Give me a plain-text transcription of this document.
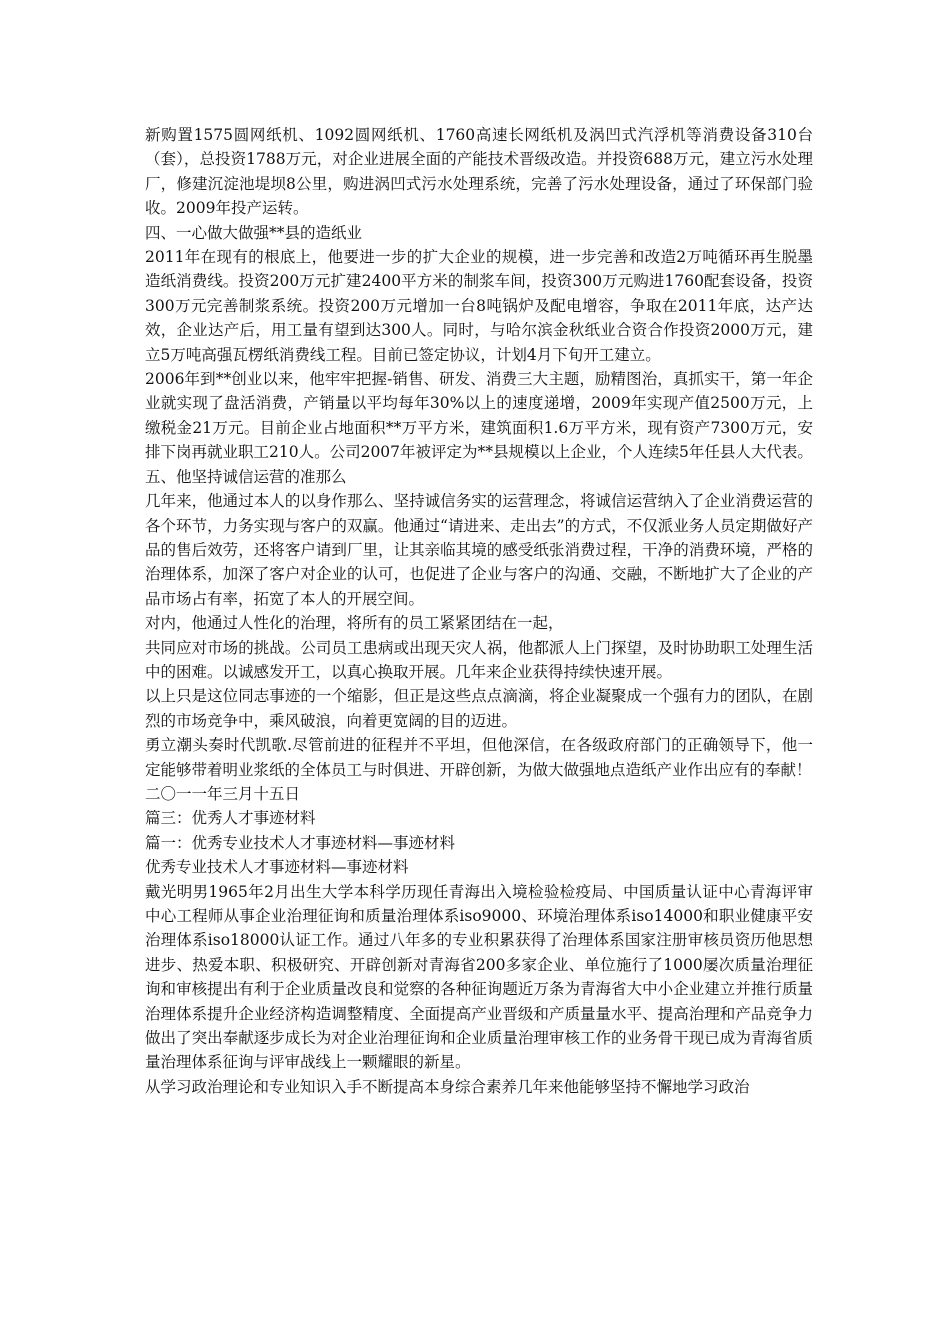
新购置1575圆网纸机、1092圆网纸机、1760高速长网纸机及涡凹式汽浮机等消费设备310台（套），总投资1788万元，对企业进展全面的产能技术晋级改造。并投资688万元，建立污水处理厂，修建沉淀池堤坝8公里，购进涡凹式污水处理系统，完善了污水处理设备，通过了环保部门验收。2009年投产运转。

四、一心做大做强**县的造纸业

2011年在现有的根底上，他要进一步的扩大企业的规模，进一步完善和改造2万吨循环再生脱墨造纸消费线。投资200万元扩建2400平方米的制浆车间，投资300万元购进1760配套设备，投资300万元完善制浆系统。投资200万元增加一台8吨锅炉及配电增容，争取在2011年底，达产达效，企业达产后，用工量有望到达300人。同时，与哈尔滨金秋纸业合资合作投资2000万元，建立5万吨高强瓦楞纸消费线工程。目前已签定协议，计划4月下旬开工建立。

2006年到**创业以来，他牢牢把握-销售、研发、消费三大主题，励精图治，真抓实干，第一年企业就实现了盘活消费，产销量以平均每年30%以上的速度递增，2009年实现产值2500万元，上缴税金21万元。目前企业占地面积**万平方米，建筑面积1.6万平方米，现有资产7300万元，安排下岗再就业职工210人。公司2007年被评定为**县规模以上企业，个人连续5年任县人大代表。

五、他坚持诚信运营的准那么

几年来，他通过本人的以身作那么、坚持诚信务实的运营理念，将诚信运营纳入了企业消费运营的各个环节，力务实现与客户的双赢。他通过“请进来、走出去”的方式，不仅派业务人员定期做好产品的售后效劳，还将客户请到厂里，让其亲临其境的感受纸张消费过程，干净的消费环境，严格的治理体系，加深了客户对企业的认可，也促进了企业与客户的沟通、交融，不断地扩大了企业的产品市场占有率，拓宽了本人的开展空间。

对内，他通过人性化的治理，将所有的员工紧紧团结在一起，

共同应对市场的挑战。公司员工患病或出现天灾人祸，他都派人上门探望，及时协助职工处理生活中的困难。以诚感发开工，以真心换取开展。几年来企业获得持续快速开展。

以上只是这位同志事迹的一个缩影，但正是这些点点滴滴，将企业凝聚成一个强有力的团队，在剧烈的市场竞争中，乘风破浪，向着更宽阔的目的迈进。

勇立潮头奏时代凯歌.尽管前进的征程并不平坦，但他深信，在各级政府部门的正确领导下，他一定能够带着明业浆纸的全体员工与时俱进、开辟创新，为做大做强地点造纸产业作出应有的奉献！

二〇一一年三月十五日

篇三：优秀人才事迹材料

篇一：优秀专业技术人才事迹材料—事迹材料

优秀专业技术人才事迹材料—事迹材料

戴光明男1965年2月出生大学本科学历现任青海出入境检验检疫局、中国质量认证中心青海评审中心工程师从事企业治理征询和质量治理体系iso9000、环境治理体系iso14000和职业健康平安治理体系iso18000认证工作。通过八年多的专业积累获得了治理体系国家注册审核员资历他思想进步、热爱本职、积极研究、开辟创新对青海省200多家企业、单位施行了1000屡次质量治理征询和审核提出有利于企业质量改良和觉察的各种征询题近万条为青海省大中小企业建立并推行质量治理体系提升企业经济构造调整精度、全面提高产业晋级和产质量量水平、提高治理和产品竞争力做出了突出奉献逐步成长为对企业治理征询和企业质量治理审核工作的业务骨干现已成为青海省质量治理体系征询与评审战线上一颗耀眼的新星。

从学习政治理论和专业知识入手不断提高本身综合素养几年来他能够坚持不懈地学习政治
